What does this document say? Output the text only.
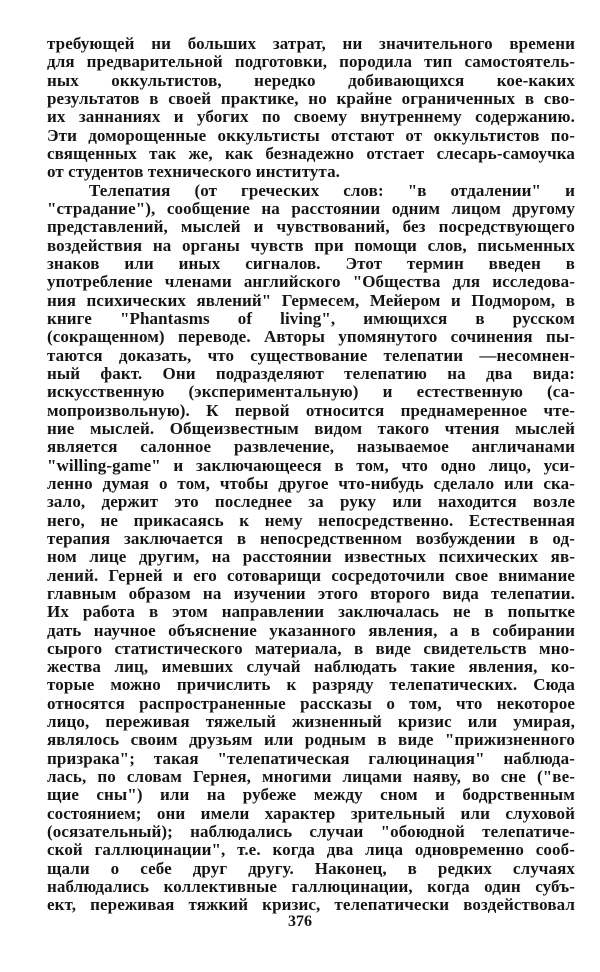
требующей ни больших затрат, ни значительного времени
для предварительной подготовки, породила тип самостоятель-
ных оккультистов, нередко добивающихся кое-каких
результатов в своей практике, но крайне ограниченных в сво-
их заннаниях и убогих по своему внутреннему содержанию.
Эти доморощенные оккультисты отстают от оккультистов по-
священных так же, как безнадежно отстает слесарь-самоучка
от студентов технического института.
Телепатия (от греческих слов: "в отдалении" и
"страдание"), сообщение на расстоянии одним лицом другому
представлений, мыслей и чувствований, без посредствующего
воздействия на органы чувств при помощи слов, письменных
знаков или иных сигналов. Этот термин введен в
употребление членами английского "Общества для исследова-
ния психических явлений" Гермесем, Мейером и Подмором, в
книге "Phantasms of living", имющихся в русском
(сокращенном) переводе. Авторы упомянутого сочинения пы-
таются доказать, что существование телепатии —несомнен-
ный факт. Они подразделяют телепатию на два вида:
искусственную (экспериментальную) и естественную (са-
мопроизвольную). К первой относится преднамеренное чте-
ние мыслей. Общеизвестным видом такого чтения мыслей
является салонное развлечение, называемое англичанами
"willing-game" и заключающееся в том, что одно лицо, уси-
ленно думая о том, чтобы другое что-нибудь сделало или ска-
зало, держит это последнее за руку или находится возле
него, не прикасаясь к нему непосредственно. Естественная
терапия заключается в непосредственном возбуждении в од-
ном лице другим, на расстоянии известных психических яв-
лений. Герней и его сотоварищи сосредоточили свое внимание
главным образом на изучении этого второго вида телепатии.
Их работа в этом направлении заключалась не в попытке
дать научное объяснение указанного явления, а в собирании
сырого статистического материала, в виде свидетельств мно-
жества лиц, имевших случай наблюдать такие явления, ко-
торые можно причислить к разряду телепатических. Сюда
относятся распространенные рассказы о том, что некоторое
лицо, переживая тяжелый жизненный кризис или умирая,
являлось своим друзьям или родным в виде "прижизненного
призрака"; такая "телепатическая галюцинация" наблюда-
лась, по словам Гернея, многими лицами наяву, во сне ("ве-
щие сны") или на рубеже между сном и бодрственным
состоянием; они имели характер зрительный или слуховой
(осязательный); наблюдались случаи "обоюдной телепатиче-
ской галлюцинации", т.е. когда два лица одновременно сооб-
щали о себе друг другу. Наконец, в редких случаях
наблюдались коллективные галлюцинации, когда один субъ-
ект, переживая тяжкий кризис, телепатически воздействовал
376
